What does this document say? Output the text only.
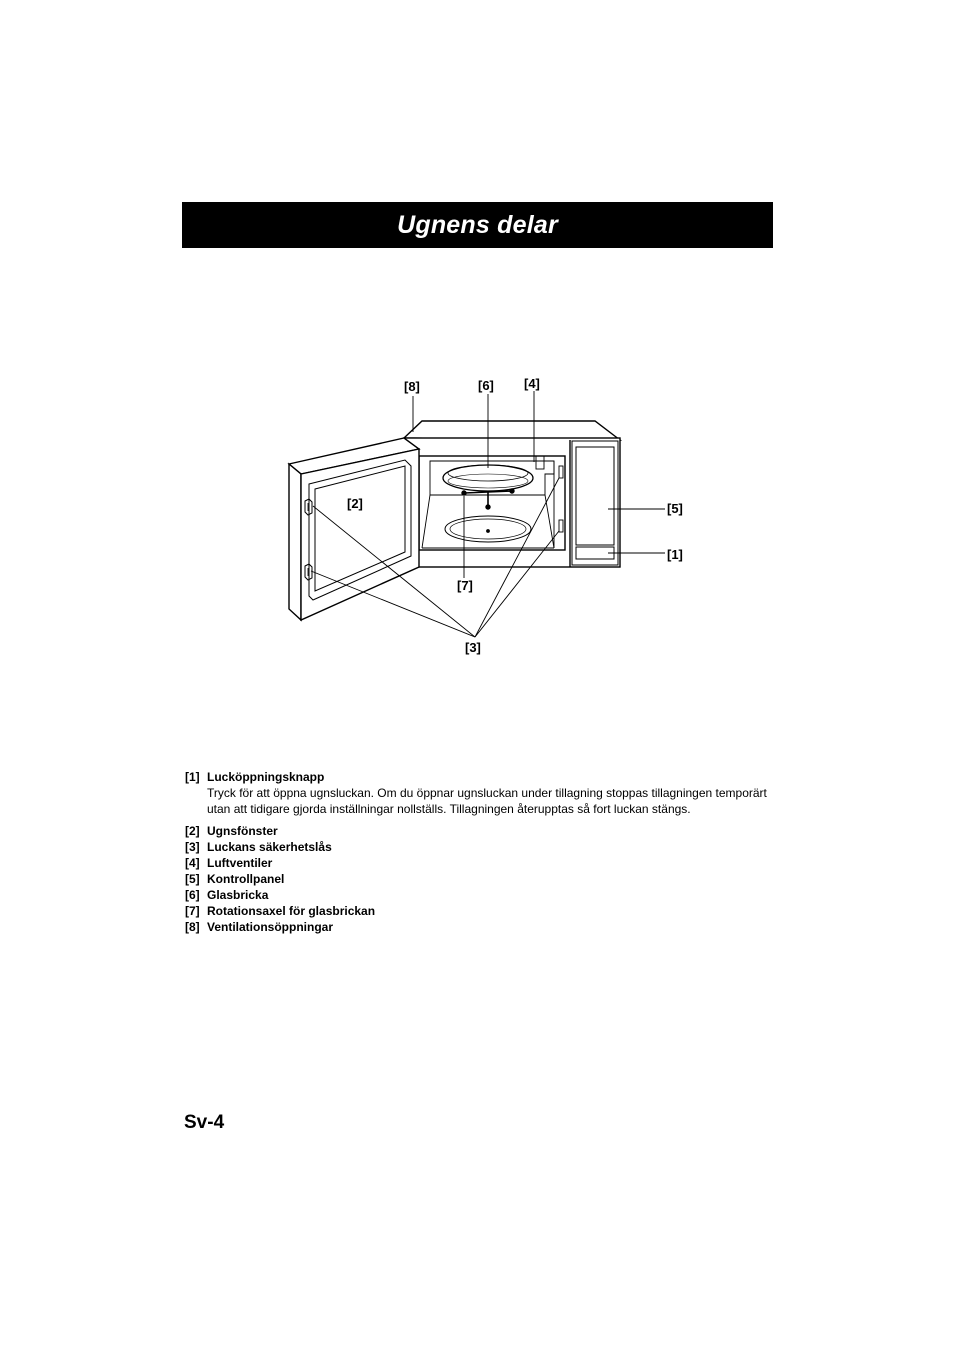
Ugnens delar
[8]	[6] [4]
[2]	[5]
[1]
[7]
[3]
[1] Lucköppningsknapp
Tryck för att öppna ugnsluckan. Om du öppnar ugnsluckan under tillagning stoppas tillagningen temporärt utan att tidigare gjorda inställningar nollställs. Tillagningen återupptas så fort luckan stängs.
[2] Ugnsfönster
[3] Luckans säkerhetslås
[4] Luftventiler
[5] Kontrollpanel
[6] Glasbricka
[7] Rotationsaxel för glasbrickan
[8] Ventilationsöppningar
Sv-4
